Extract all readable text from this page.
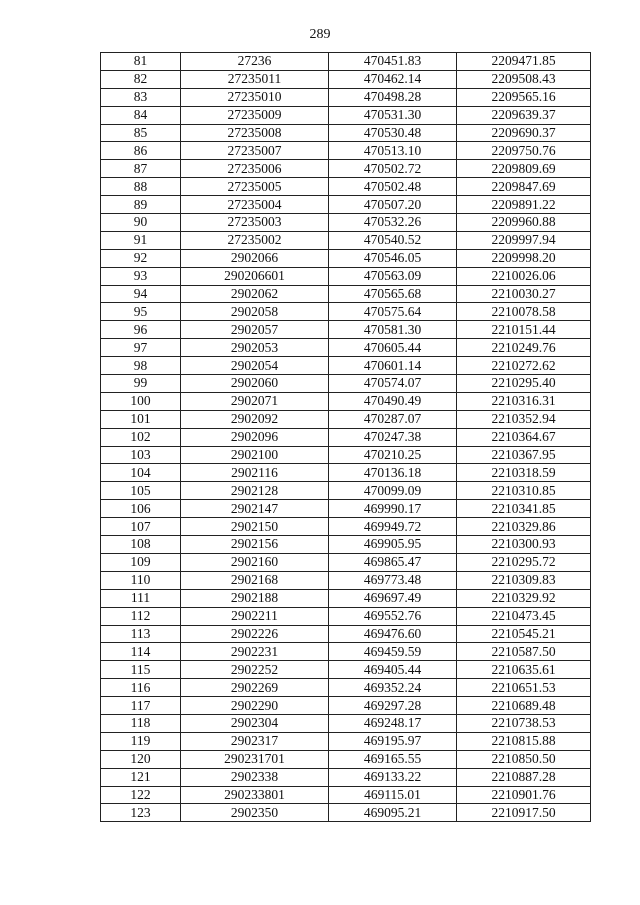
289
81	27236	470451.83	2209471.85
82	27235011	470462.14	2209508.43
83	27235010	470498.28	2209565.16
84	27235009	470531.30	2209639.37
85	27235008	470530.48	2209690.37
86	27235007	470513.10	2209750.76
87	27235006	470502.72	2209809.69
88	27235005	470502.48	2209847.69
89	27235004	470507.20	2209891.22
90	27235003	470532.26	2209960.88
91	27235002	470540.52	2209997.94
92	2902066	470546.05	2209998.20
93	290206601	470563.09	2210026.06
94	2902062	470565.68	2210030.27
95	2902058	470575.64	2210078.58
96	2902057	470581.30	2210151.44
97	2902053	470605.44	2210249.76
98	2902054	470601.14	2210272.62
99	2902060	470574.07	2210295.40
100	2902071	470490.49	2210316.31
101	2902092	470287.07	2210352.94
102	2902096	470247.38	2210364.67
103	2902100	470210.25	2210367.95
104	2902116	470136.18	2210318.59
105	2902128	470099.09	2210310.85
106	2902147	469990.17	2210341.85
107	2902150	469949.72	2210329.86
108	2902156	469905.95	2210300.93
109	2902160	469865.47	2210295.72
110	2902168	469773.48	2210309.83
111	2902188	469697.49	2210329.92
112	2902211	469552.76	2210473.45
113	2902226	469476.60	2210545.21
114	2902231	469459.59	2210587.50
115	2902252	469405.44	2210635.61
116	2902269	469352.24	2210651.53
117	2902290	469297.28	2210689.48
118	2902304	469248.17	2210738.53
119	2902317	469195.97	2210815.88
120	290231701	469165.55	2210850.50
121	2902338	469133.22	2210887.28
122	290233801	469115.01	2210901.76
123	2902350	469095.21	2210917.50
